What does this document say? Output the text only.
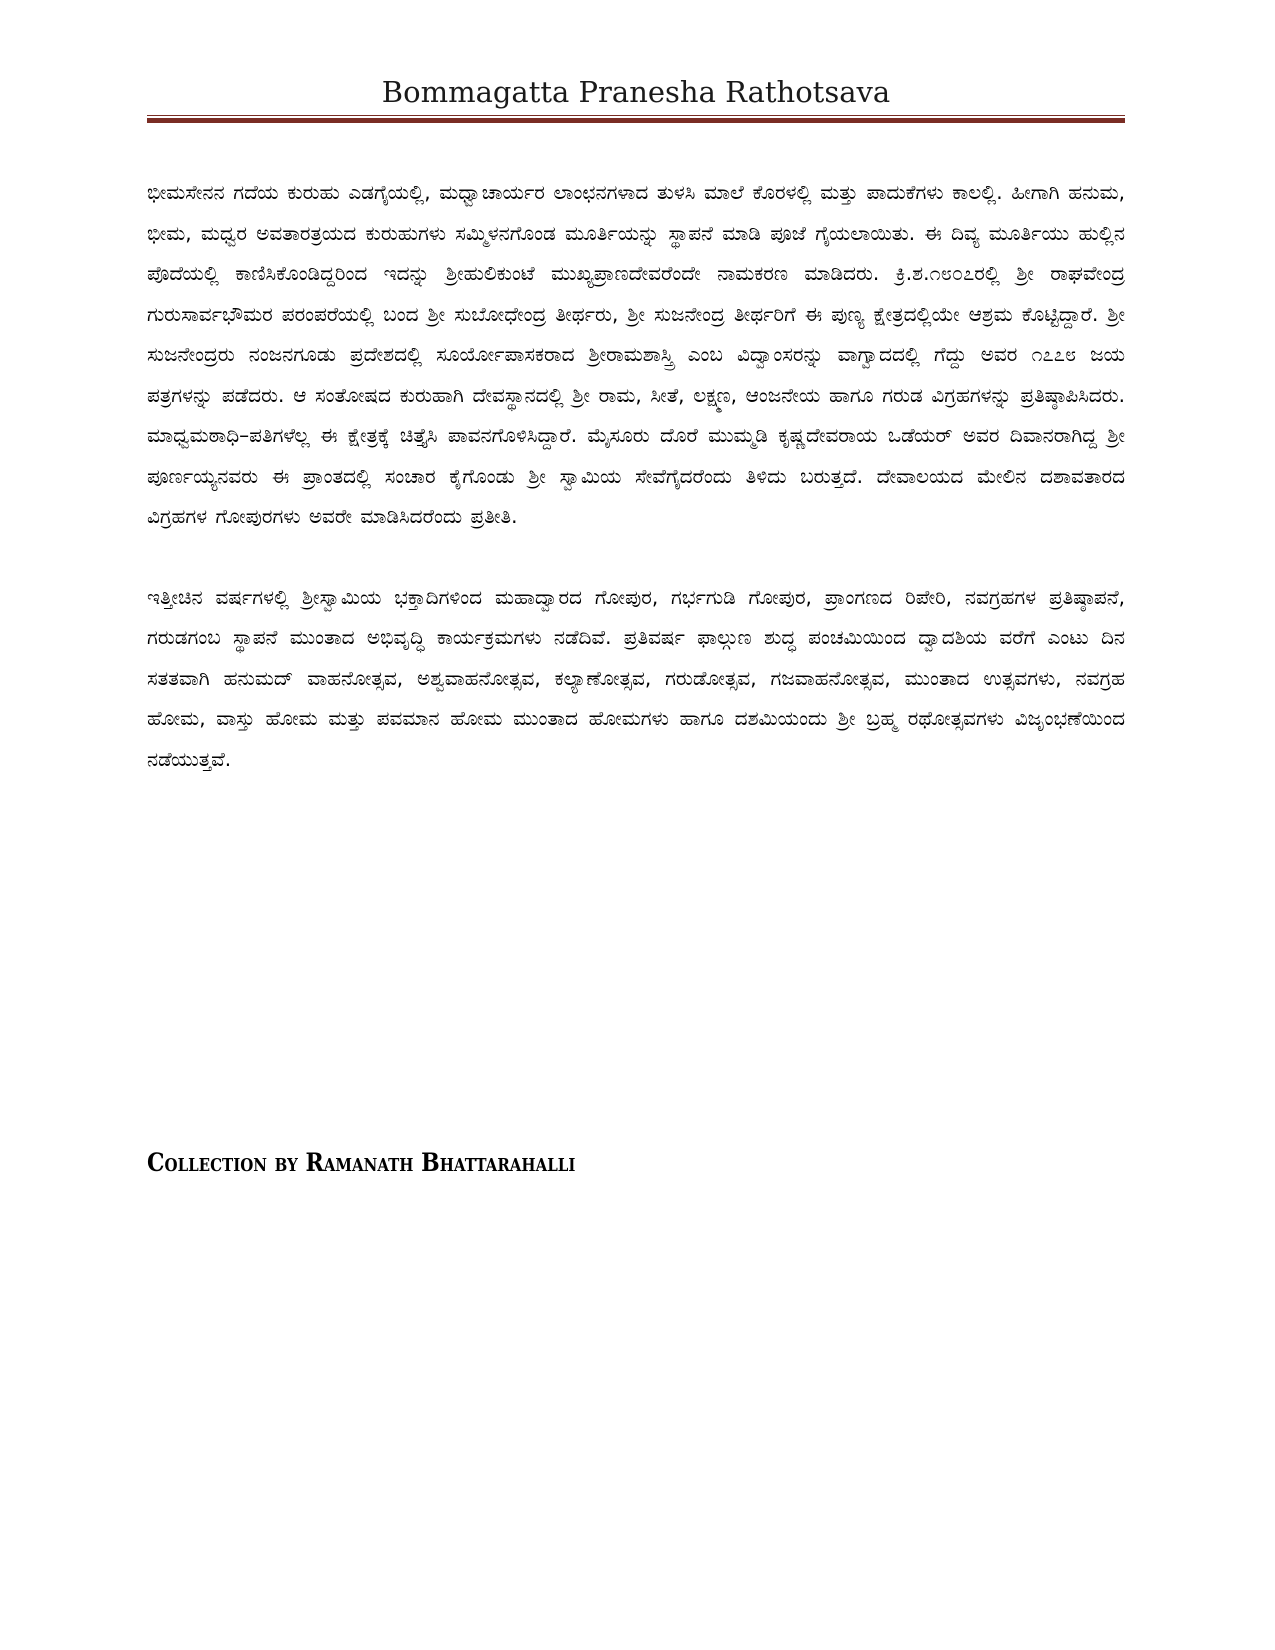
Bommagatta Pranesha Rathotsava

ಭೀಮಸೇನನ ಗದೆಯ ಕುರುಹು ಎಡಗೈಯಲ್ಲಿ, ಮಧ್ವಾಚಾರ್ಯರ ಲಾಂಛನಗಳಾದ ತುಳಸಿ ಮಾಲೆ ಕೊರಳಲ್ಲಿ ಮತ್ತು ಪಾದುಕೆಗಳು ಕಾಲಲ್ಲಿ. ಹೀಗಾಗಿ ಹನುಮ, ಭೀಮ, ಮಧ್ವರ ಅವತಾರತ್ರಯದ ಕುರುಹುಗಳು ಸಮ್ಮಿಳನಗೊಂಡ ಮೂರ್ತಿಯನ್ನು ಸ್ಥಾಪನೆ ಮಾಡಿ ಪೂಜೆ ಗೈಯಲಾಯಿತು. ಈ ದಿವ್ಯ ಮೂರ್ತಿಯು ಹುಲ್ಲಿನ ಪೊದೆಯಲ್ಲಿ ಕಾಣಿಸಿಕೊಂಡಿದ್ದರಿಂದ ಇದನ್ನು ಶ್ರೀಹುಲಿಕುಂಟೆ ಮುಖ್ಯಪ್ರಾಣದೇವರೆಂದೇ ನಾಮಕರಣ ಮಾಡಿದರು. ಕ್ರಿ.ಶ.೧೮೦೭ರಲ್ಲಿ ಶ್ರೀ ರಾಘವೇಂದ್ರ ಗುರುಸಾರ್ವಭೌಮರ ಪರಂಪರೆಯಲ್ಲಿ ಬಂದ ಶ್ರೀ ಸುಬೋಧೇಂದ್ರ ತೀರ್ಥರು, ಶ್ರೀ ಸುಜನೇಂದ್ರ ತೀರ್ಥರಿಗೆ ಈ ಪುಣ್ಯ ಕ್ಷೇತ್ರದಲ್ಲಿಯೇ ಆಶ್ರಮ ಕೊಟ್ಟಿದ್ದಾರೆ. ಶ್ರೀ ಸುಜನೇಂದ್ರರು ನಂಜನಗೂಡು ಪ್ರದೇಶದಲ್ಲಿ ಸೂರ್ಯೋಪಾಸಕರಾದ ಶ್ರೀರಾಮಶಾಸ್ತ್ರಿ ಎಂಬ ವಿದ್ವಾಂಸರನ್ನು ವಾಗ್ವಾದದಲ್ಲಿ ಗೆದ್ದು ಅವರ ೧೭೭೮ ಜಯ ಪತ್ರಗಳನ್ನು ಪಡೆದರು. ಆ ಸಂತೋಷದ ಕುರುಹಾಗಿ ದೇವಸ್ಥಾನದಲ್ಲಿ ಶ್ರೀ ರಾಮ, ಸೀತೆ, ಲಕ್ಷ್ಮಣ, ಆಂಜನೇಯ ಹಾಗೂ ಗರುಡ ವಿಗ್ರಹಗಳನ್ನು ಪ್ರತಿಷ್ಠಾಪಿಸಿದರು. ಮಾಧ್ವಮಠಾಧಿ–ಪತಿಗಳೆಲ್ಲ ಈ ಕ್ಷೇತ್ರಕ್ಕೆ ಚಿತ್ತೈಸಿ ಪಾವನಗೊಳಿಸಿದ್ದಾರೆ. ಮೈಸೂರು ದೊರೆ ಮುಮ್ಮಡಿ ಕೃಷ್ಣದೇವರಾಯ ಒಡೆಯರ್ ಅವರ ದಿವಾನರಾಗಿದ್ದ ಶ್ರೀ ಪೂರ್ಣಯ್ಯನವರು ಈ ಪ್ರಾಂತದಲ್ಲಿ ಸಂಚಾರ ಕೈಗೊಂಡು ಶ್ರೀ ಸ್ವಾಮಿಯ ಸೇವೆಗೈದರೆಂದು ತಿಳಿದು ಬರುತ್ತದೆ. ದೇವಾಲಯದ ಮೇಲಿನ ದಶಾವತಾರದ ವಿಗ್ರಹಗಳ ಗೋಪುರಗಳು ಅವರೇ ಮಾಡಿಸಿದರೆಂದು ಪ್ರತೀತಿ.

ಇತ್ತೀಚಿನ ವರ್ಷಗಳಲ್ಲಿ ಶ್ರೀಸ್ವಾಮಿಯ ಭಕ್ತಾದಿಗಳಿಂದ ಮಹಾದ್ವಾರದ ಗೋಪುರ, ಗರ್ಭಗುಡಿ ಗೋಪುರ, ಪ್ರಾಂಗಣದ ರಿಪೇರಿ, ನವಗ್ರಹಗಳ ಪ್ರತಿಷ್ಠಾಪನೆ, ಗರುಡಗಂಬ ಸ್ಥಾಪನೆ ಮುಂತಾದ ಅಭಿವೃದ್ಧಿ ಕಾರ್ಯಕ್ರಮಗಳು ನಡೆದಿವೆ. ಪ್ರತಿವರ್ಷ ಫಾಲ್ಗುಣ ಶುದ್ಧ ಪಂಚಮಿಯಿಂದ ದ್ವಾದಶಿಯ ವರೆಗೆ ಎಂಟು ದಿನ ಸತತವಾಗಿ ಹನುಮದ್ ವಾಹನೋತ್ಸವ, ಅಶ್ವವಾಹನೋತ್ಸವ, ಕಲ್ಯಾಣೋತ್ಸವ, ಗರುಡೋತ್ಸವ, ಗಜವಾಹನೋತ್ಸವ, ಮುಂತಾದ ಉತ್ಸವಗಳು, ನವಗ್ರಹ ಹೋಮ, ವಾಸ್ತು ಹೋಮ ಮತ್ತು ಪವಮಾನ ಹೋಮ ಮುಂತಾದ ಹೋಮಗಳು ಹಾಗೂ ದಶಮಿಯಂದು ಶ್ರೀ ಬ್ರಹ್ಮ ರಥೋತ್ಸವಗಳು ವಿಜೃಂಭಣೆಯಿಂದ ನಡೆಯುತ್ತವೆ.

Collection by Ramanath Bhattarahalli
